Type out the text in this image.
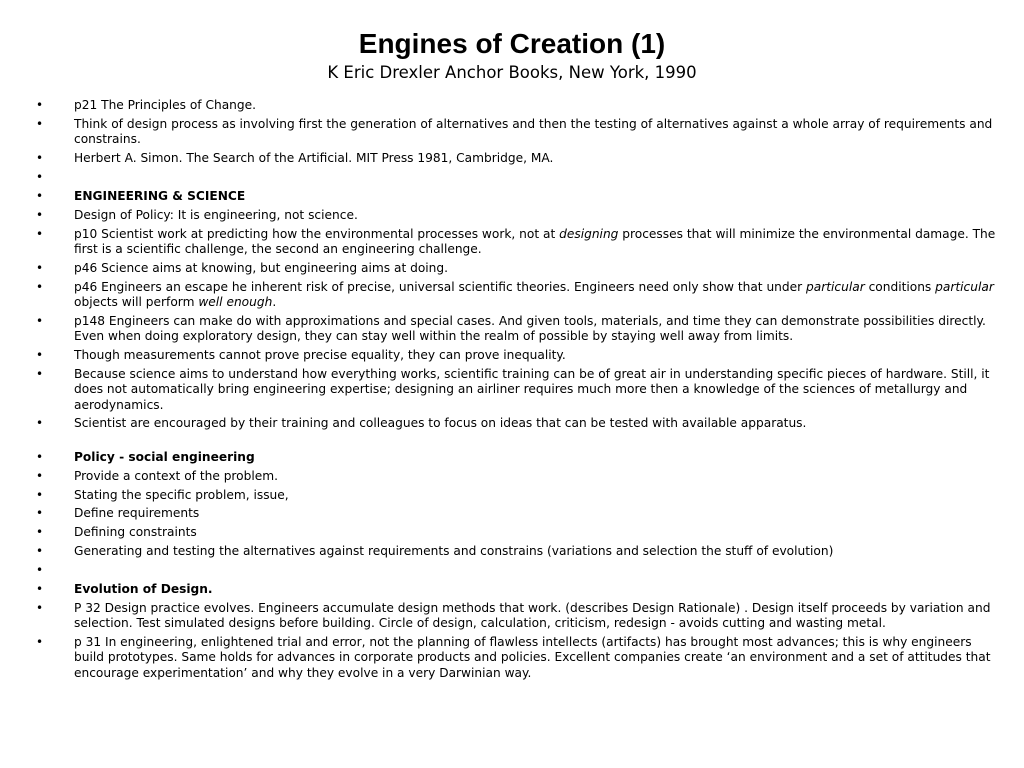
Engines of Creation (1)
K Eric Drexler Anchor Books, New York, 1990
• p21 The Principles of Change.
• Think of design process as involving first the generation of alternatives and then the testing of alternatives against a whole array of requirements and constrains.
• Herbert A. Simon. The Search of the Artificial. MIT Press 1981, Cambridge, MA.
•
• ENGINEERING & SCIENCE
• Design of Policy: It is engineering, not science.
• p10 Scientist work at predicting how the environmental processes work, not at designing processes that will minimize the environmental damage. The first is a scientific challenge, the second an engineering challenge.
• p46 Science aims at knowing, but engineering aims at doing.
• p46 Engineers an escape he inherent risk of precise, universal scientific theories. Engineers need only show that under particular conditions particular objects will perform well enough.
• p148 Engineers can make do with approximations and special cases. And given tools, materials, and time they can demonstrate possibilities directly. Even when doing exploratory design, they can stay well within the realm of possible by staying well away from limits.
• Though measurements cannot prove precise equality, they can prove inequality.
• Because science aims to understand how everything works, scientific training can be of great air in understanding specific pieces of hardware. Still, it does not automatically bring engineering expertise; designing an airliner requires much more then a knowledge of the sciences of metallurgy and aerodynamics.
• Scientist are encouraged by their training and colleagues to focus on ideas that can be tested with available apparatus.
• Policy - social engineering
• Provide a context of the problem.
• Stating the specific problem, issue,
• Define requirements
• Defining constraints
• Generating and testing the alternatives against requirements and constrains (variations and selection the stuff of evolution)
•
• Evolution of Design.
• P 32 Design practice evolves. Engineers accumulate design methods that work. (describes Design Rationale) . Design itself proceeds by variation and selection. Test simulated designs before building. Circle of design, calculation, criticism, redesign - avoids cutting and wasting metal.
• p 31 In engineering, enlightened trial and error, not the planning of flawless intellects (artifacts) has brought most advances; this is why engineers build prototypes. Same holds for advances in corporate products and policies. Excellent companies create ‘an environment and a set of attitudes that encourage experimentation’ and why they evolve in a very Darwinian way.
